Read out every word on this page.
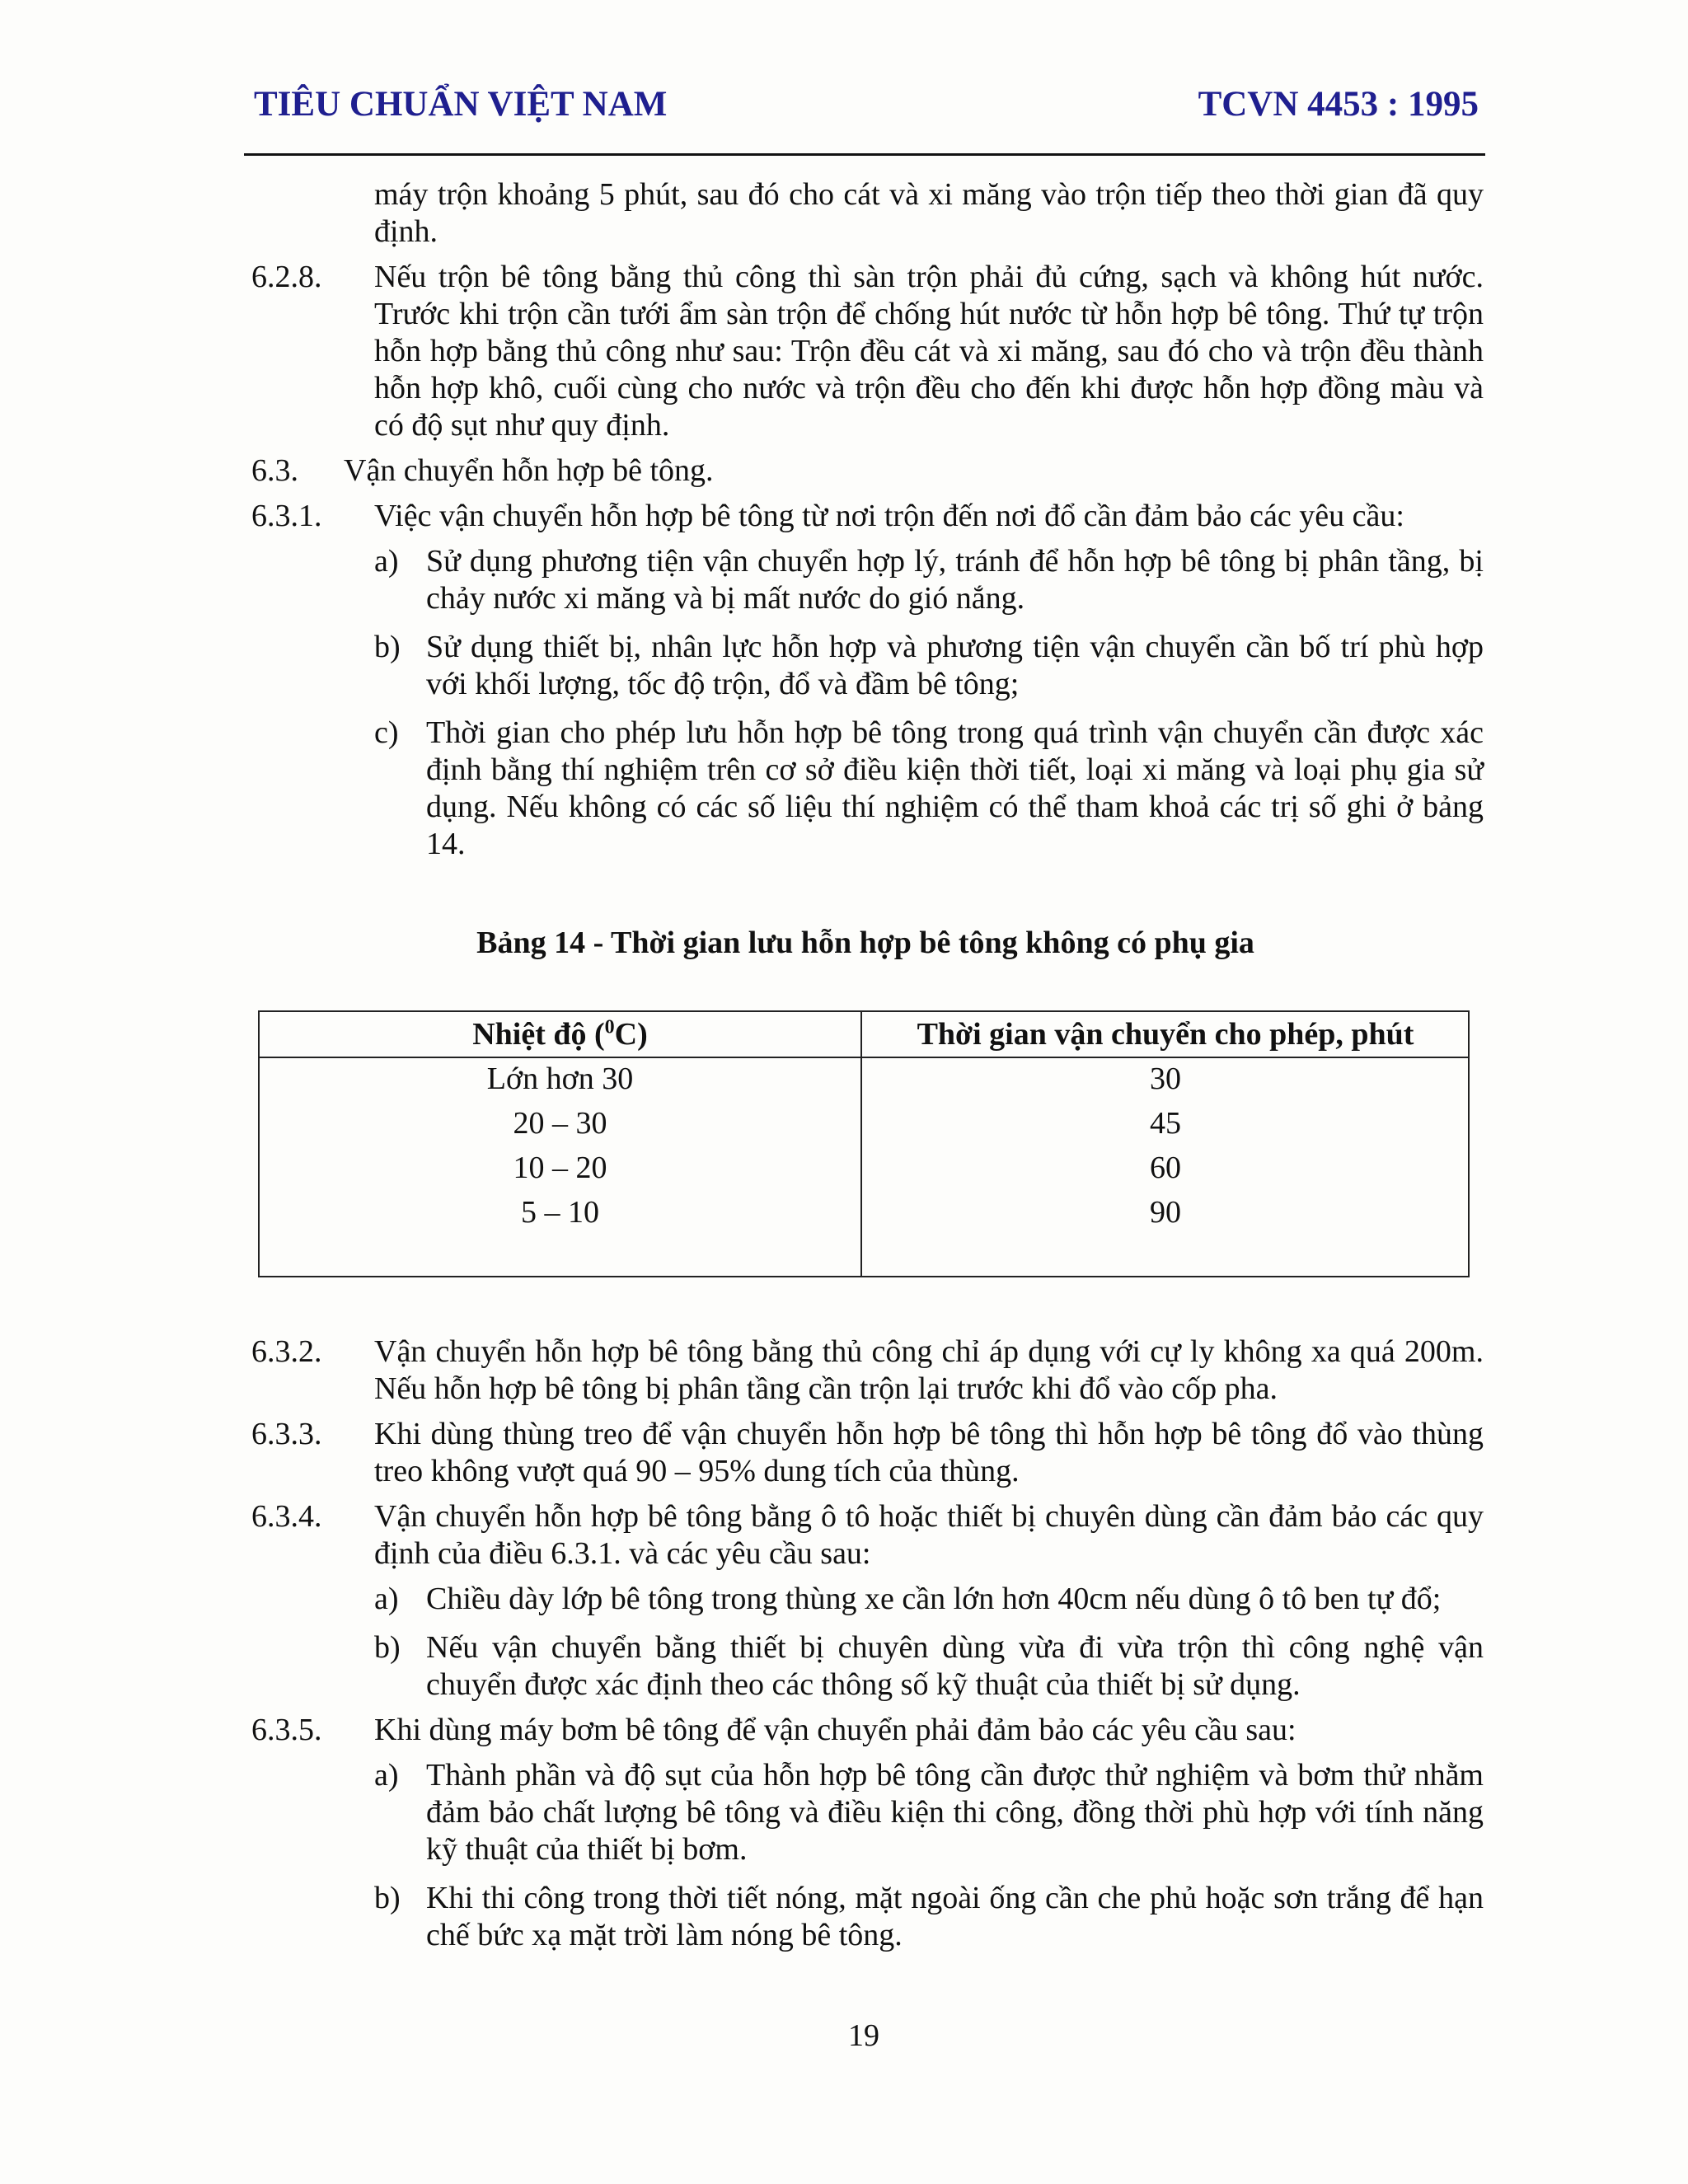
TIÊU CHUẨN VIỆT NAM	TCVN 4453 : 1995
máy trộn khoảng 5 phút, sau đó cho cát và xi măng vào trộn tiếp theo thời gian đã quy định.
6.2.8. Nếu trộn bê tông bằng thủ công thì sàn trộn phải đủ cứng, sạch và không hút nước. Trước khi trộn cần tưới ẩm sàn trộn để chống hút nước từ hỗn hợp bê tông. Thứ tự trộn hỗn hợp bằng thủ công như sau: Trộn đều cát và xi măng, sau đó cho và trộn đều thành hỗn hợp khô, cuối cùng cho nước và trộn đều cho đến khi được hỗn hợp đồng màu và có độ sụt như quy định.
6.3. Vận chuyển hỗn hợp bê tông.
6.3.1. Việc vận chuyển hỗn hợp bê tông từ nơi trộn đến nơi đổ cần đảm bảo các yêu cầu:
a) Sử dụng phương tiện vận chuyển hợp lý, tránh để hỗn hợp bê tông bị phân tầng, bị chảy nước xi măng và bị mất nước do gió nắng.
b) Sử dụng thiết bị, nhân lực hỗn hợp và phương tiện vận chuyển cần bố trí phù hợp với khối lượng, tốc độ trộn, đổ và đầm bê tông;
c) Thời gian cho phép lưu hỗn hợp bê tông trong quá trình vận chuyển cần được xác định bằng thí nghiệm trên cơ sở điều kiện thời tiết, loại xi măng và loại phụ gia sử dụng. Nếu không có các số liệu thí nghiệm có thể tham khoả các trị số ghi ở bảng 14.
Bảng 14 - Thời gian lưu hỗn hợp bê tông không có phụ gia
Nhiệt độ ($^0$C)
Lớn hơn 30
20 – 30
10 – 20
5 – 10
Thời gian vận chuyển cho phép, phút
30
45
60
90
6.3.2. Vận chuyển hỗn hợp bê tông bằng thủ công chỉ áp dụng với cự ly không xa quá 200m. Nếu hỗn hợp bê tông bị phân tầng cần trộn lại trước khi đổ vào cốp pha.
6.3.3. Khi dùng thùng treo để vận chuyển hỗn hợp bê tông thì hỗn hợp bê tông đổ vào thùng treo không vượt quá 90 – 95% dung tích của thùng.
6.3.4. Vận chuyển hỗn hợp bê tông bằng ô tô hoặc thiết bị chuyên dùng cần đảm bảo các quy định của điều 6.3.1. và các yêu cầu sau:
a) Chiều dày lớp bê tông trong thùng xe cần lớn hơn 40cm nếu dùng ô tô ben tự đổ;
b) Nếu vận chuyển bằng thiết bị chuyên dùng vừa đi vừa trộn thì công nghệ vận chuyển được xác định theo các thông số kỹ thuật của thiết bị sử dụng.
6.3.5. Khi dùng máy bơm bê tông để vận chuyển phải đảm bảo các yêu cầu sau:
a) Thành phần và độ sụt của hỗn hợp bê tông cần được thử nghiệm và bơm thử nhằm đảm bảo chất lượng bê tông và điều kiện thi công, đồng thời phù hợp với tính năng kỹ thuật của thiết bị bơm.
b) Khi thi công trong thời tiết nóng, mặt ngoài ống cần che phủ hoặc sơn trắng để hạn chế bức xạ mặt trời làm nóng bê tông.
19
